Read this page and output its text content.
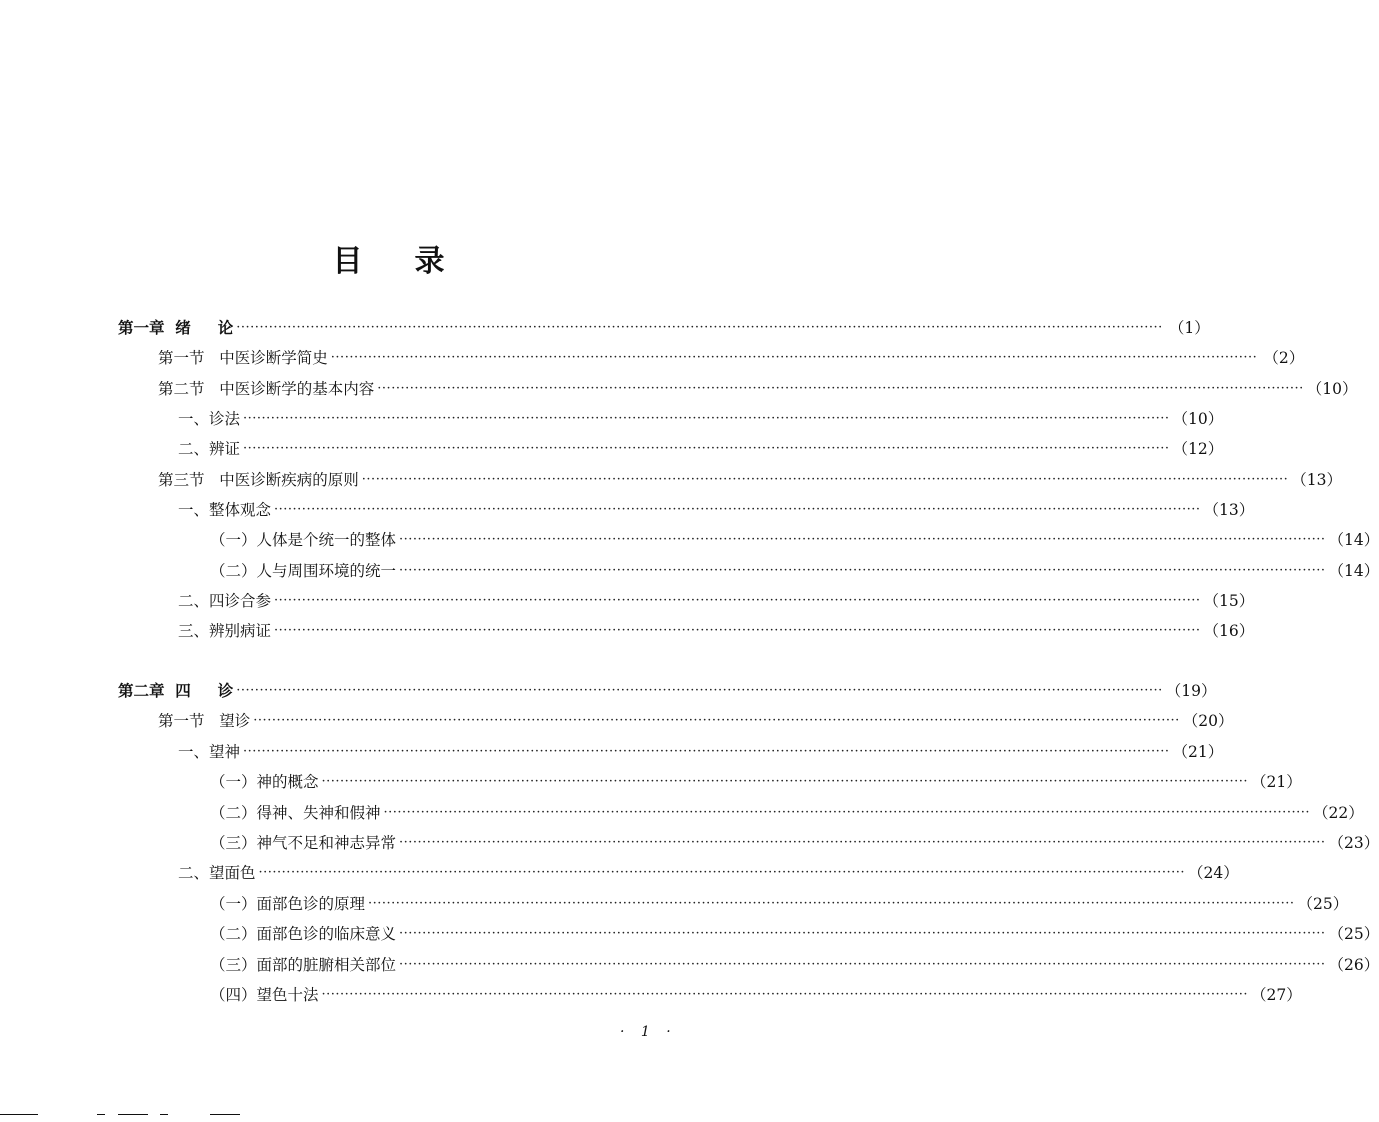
目录
第一章  绪     论 ········································································································································································································ （1）
第一节   中医诊断学简史 ········································································································································································································ （2）
第二节   中医诊断学的基本内容 ········································································································································································································ （10）
一、诊法 ········································································································································································································ （10）
二、辨证 ········································································································································································································ （12）
第三节   中医诊断疾病的原则 ········································································································································································································ （13）
一、整体观念 ········································································································································································································ （13）
（一）人体是个统一的整体 ········································································································································································································ （14）
（二）人与周围环境的统一 ········································································································································································································ （14）
二、四诊合参 ········································································································································································································ （15）
三、辨别病证 ········································································································································································································ （16）
第二章  四     诊 ········································································································································································································ （19）
第一节   望诊 ········································································································································································································ （20）
一、望神 ········································································································································································································ （21）
（一）神的概念 ········································································································································································································ （21）
（二）得神、失神和假神 ········································································································································································································ （22）
（三）神气不足和神志异常 ········································································································································································································ （23）
二、望面色 ········································································································································································································ （24）
（一）面部色诊的原理 ········································································································································································································ （25）
（二）面部色诊的临床意义 ········································································································································································································ （25）
（三）面部的脏腑相关部位 ········································································································································································································ （26）
（四）望色十法 ········································································································································································································ （27）
· 1 ·
